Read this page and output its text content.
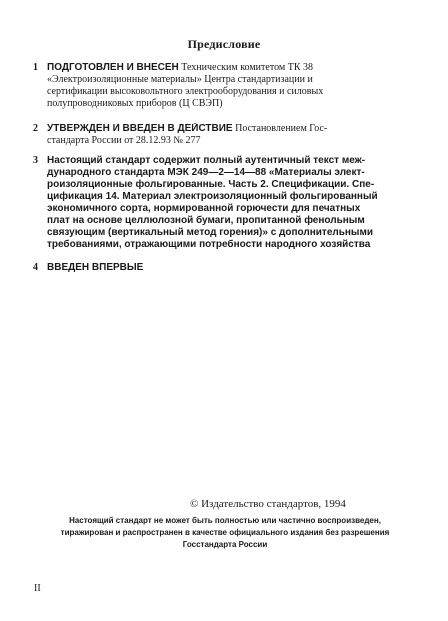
Предисловие
1 ПОДГОТОВЛЕН И ВНЕСЕН Техническим комитетом ТК 38
«Электроизоляционные материалы» Центра стандартизации и
сертификации высоковольтного электрооборудования и силовых
полупроводниковых приборов (Ц СВЭП)
2 УТВЕРЖДЕН И ВВЕДЕН В ДЕЙСТВИЕ Постановлением Гос-
стандарта России от 28.12.93 № 277
3 Настоящий стандарт содержит полный аутентичный текст меж-
дународного стандарта МЭК 249—2—14—88 «Материалы элект-
роизоляционные фольгированные. Часть 2. Спецификации. Спе-
цификация 14. Материал электроизоляционный фольгированный
экономичного сорта, нормированной горючести для печатных
плат на основе целлюлозной бумаги, пропитанной фенольным
связующим (вертикальный метод горения)» с дополнительными
требованиями, отражающими потребности народного хозяйства
4 ВВЕДЕН ВПЕРВЫЕ
© Издательство стандартов, 1994
Настоящий стандарт не может быть полностью или частично воспроизведен,
тиражирован и распространен в качестве официального издания без разрешения
Госстандарта России
II
